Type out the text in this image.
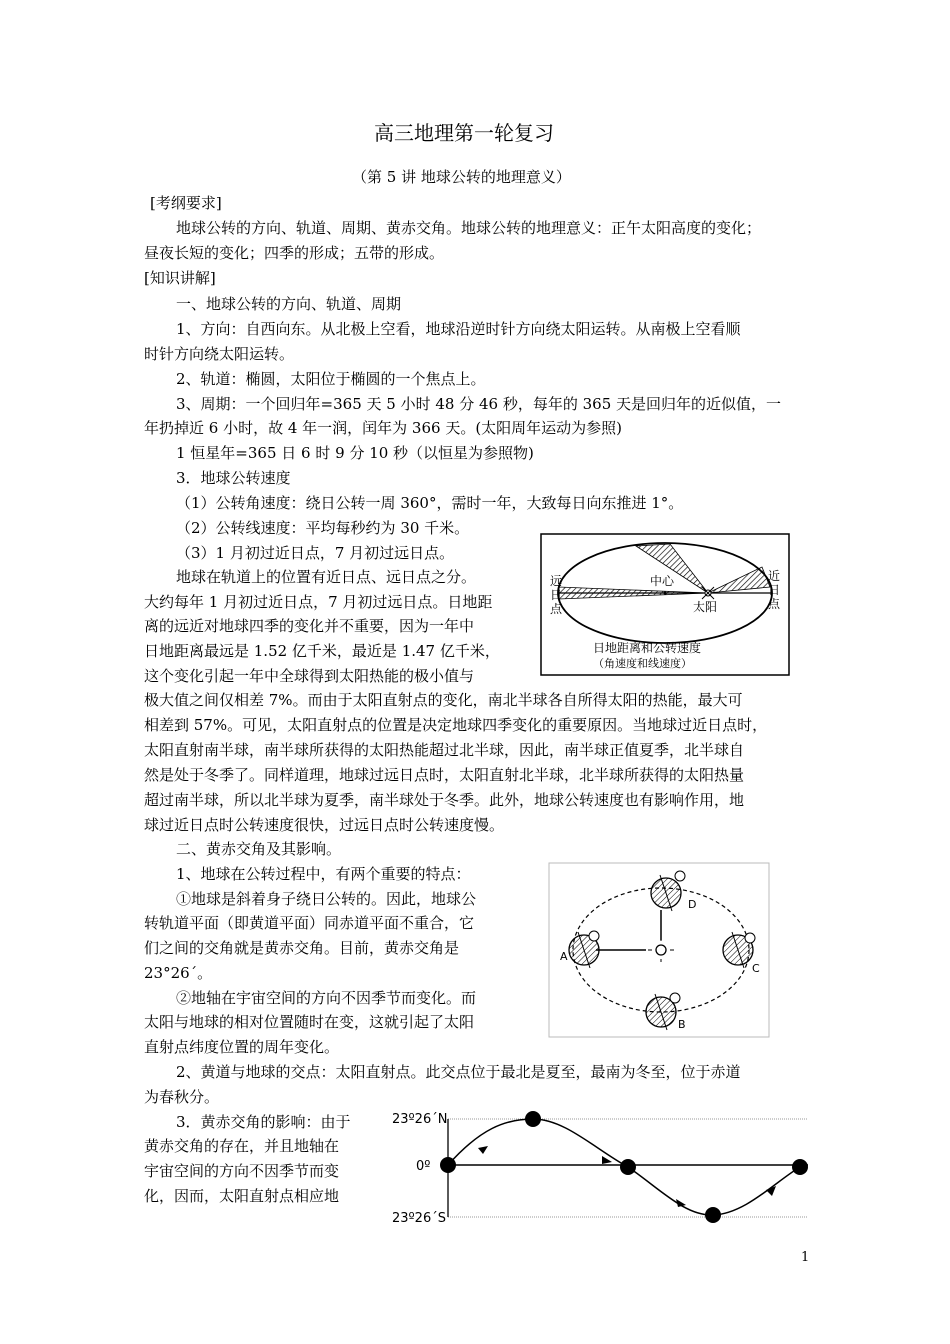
高三地理第一轮复习
（第 5 讲 地球公转的地理意义）
[考纲要求]
地球公转的方向、轨道、周期、黄赤交角。地球公转的地理意义：正午太阳高度的变化；
昼夜长短的变化；四季的形成；五带的形成。
[知识讲解]
一、地球公转的方向、轨道、周期
1、方向：自西向东。从北极上空看，地球沿逆时针方向绕太阳运转。从南极上空看顺
时针方向绕太阳运转。
2、轨道：椭圆，太阳位于椭圆的一个焦点上。
3、周期：一个回归年=365 天 5 小时 48 分 46 秒，每年的 365 天是回归年的近似值，一
年扔掉近 6 小时，故 4 年一润，闰年为 366 天。(太阳周年运动为参照)
1 恒星年=365 日 6 时 9 分 10 秒（以恒星为参照物)
3．地球公转速度
（1）公转角速度：绕日公转一周 360°，需时一年，大致每日向东推进 1°。
（2）公转线速度：平均每秒约为 30 千米。
（3）1 月初过近日点，7 月初过远日点。
地球在轨道上的位置有近日点、远日点之分。
大约每年 1 月初过近日点，7 月初过远日点。日地距
离的远近对地球四季的变化并不重要，因为一年中
日地距离最远是 1.52 亿千米，最近是 1.47 亿千米，
这个变化引起一年中全球得到太阳热能的极小值与
极大值之间仅相差 7%。而由于太阳直射点的变化，南北半球各自所得太阳的热能，最大可
相差到 57%。可见，太阳直射点的位置是决定地球四季变化的重要原因。当地球过近日点时，
太阳直射南半球，南半球所获得的太阳热能超过北半球，因此，南半球正值夏季，北半球自
然是处于冬季了。同样道理，地球过远日点时，太阳直射北半球，北半球所获得的太阳热量
超过南半球，所以北半球为夏季，南半球处于冬季。此外，地球公转速度也有影响作用，地
球过近日点时公转速度很快，过远日点时公转速度慢。
二、黄赤交角及其影响。
1、地球在公转过程中，有两个重要的特点：
①地球是斜着身子绕日公转的。因此，地球公
转轨道平面（即黄道平面）同赤道平面不重合，它
们之间的交角就是黄赤交角。目前，黄赤交角是
23°26ˊ。
②地轴在宇宙空间的方向不因季节而变化。而
太阳与地球的相对位置随时在变，这就引起了太阳
直射点纬度位置的周年变化。
2、黄道与地球的交点：太阳直射点。此交点位于最北是夏至，最南为冬至，位于赤道
为春秋分。
3．黄赤交角的影响：由于
黄赤交角的存在，并且地轴在
宇宙空间的方向不因季节而变
化，因而，太阳直射点相应地
远
日
点
近
日
点
中心
太阳
日地距离和公转速度
（角速度和线速度）
A
B
C
D
23º26´N
0º
23º26´S
1
